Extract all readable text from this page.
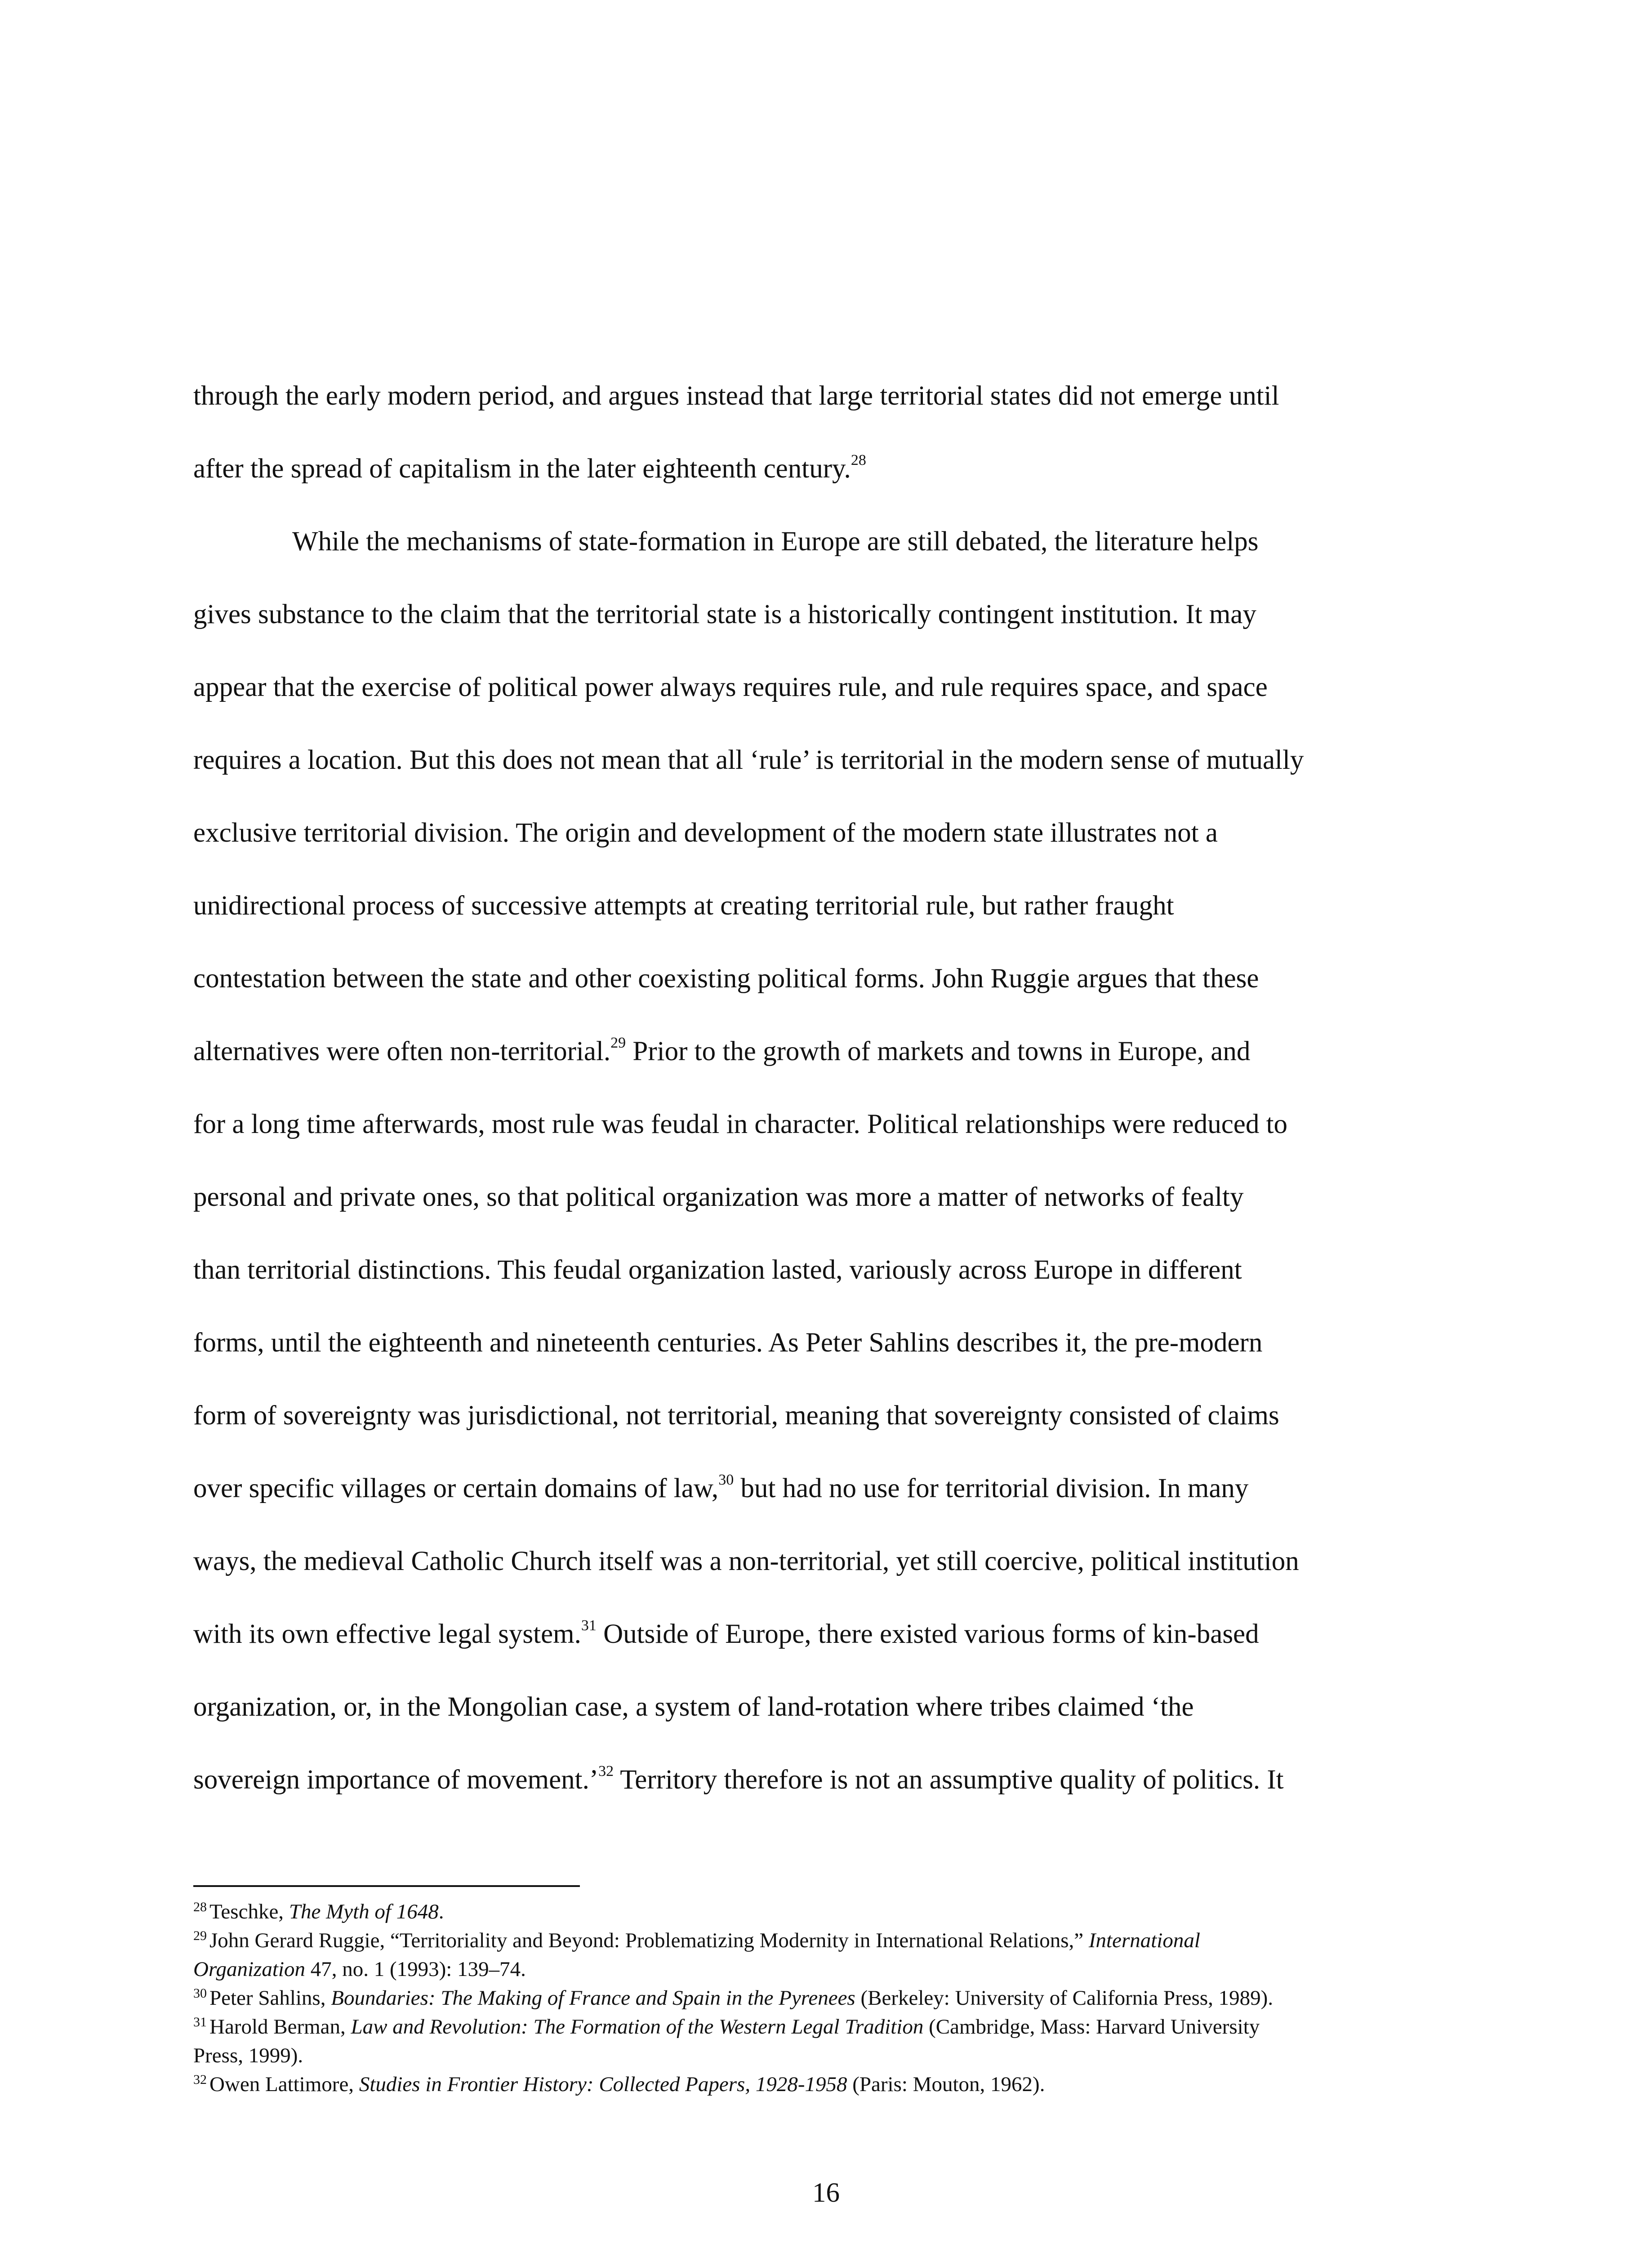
through the early modern period, and argues instead that large territorial states did not emerge until
after the spread of capitalism in the later eighteenth century.$^{28}$
While the mechanisms of state-formation in Europe are still debated, the literature helps
gives substance to the claim that the territorial state is a historically contingent institution. It may
appear that the exercise of political power always requires rule, and rule requires space, and space
requires a location. But this does not mean that all ‘rule’ is territorial in the modern sense of mutually
exclusive territorial division. The origin and development of the modern state illustrates not a
unidirectional process of successive attempts at creating territorial rule, but rather fraught
contestation between the state and other coexisting political forms. John Ruggie argues that these
alternatives were often non-territorial.$^{29}$ Prior to the growth of markets and towns in Europe, and
for a long time afterwards, most rule was feudal in character. Political relationships were reduced to
personal and private ones, so that political organization was more a matter of networks of fealty
than territorial distinctions. This feudal organization lasted, variously across Europe in different
forms, until the eighteenth and nineteenth centuries. As Peter Sahlins describes it, the pre-modern
form of sovereignty was jurisdictional, not territorial, meaning that sovereignty consisted of claims
over specific villages or certain domains of law,$^{30}$ but had no use for territorial division. In many
ways, the medieval Catholic Church itself was a non-territorial, yet still coercive, political institution
with its own effective legal system.$^{31}$ Outside of Europe, there existed various forms of kin-based
organization, or, in the Mongolian case, a system of land-rotation where tribes claimed ‘the
sovereign importance of movement.’$^{32}$ Territory therefore is not an assumptive quality of politics. It
$^{28}$ Teschke, The Myth of 1648.
$^{29}$ John Gerard Ruggie, “Territoriality and Beyond: Problematizing Modernity in International Relations,” International
Organization 47, no. 1 (1993): 139–74.
$^{30}$ Peter Sahlins, Boundaries: The Making of France and Spain in the Pyrenees (Berkeley: University of California Press, 1989).
$^{31}$ Harold Berman, Law and Revolution: The Formation of the Western Legal Tradition (Cambridge, Mass: Harvard University
Press, 1999).
$^{32}$ Owen Lattimore, Studies in Frontier History: Collected Papers, 1928-1958 (Paris: Mouton, 1962).
16
